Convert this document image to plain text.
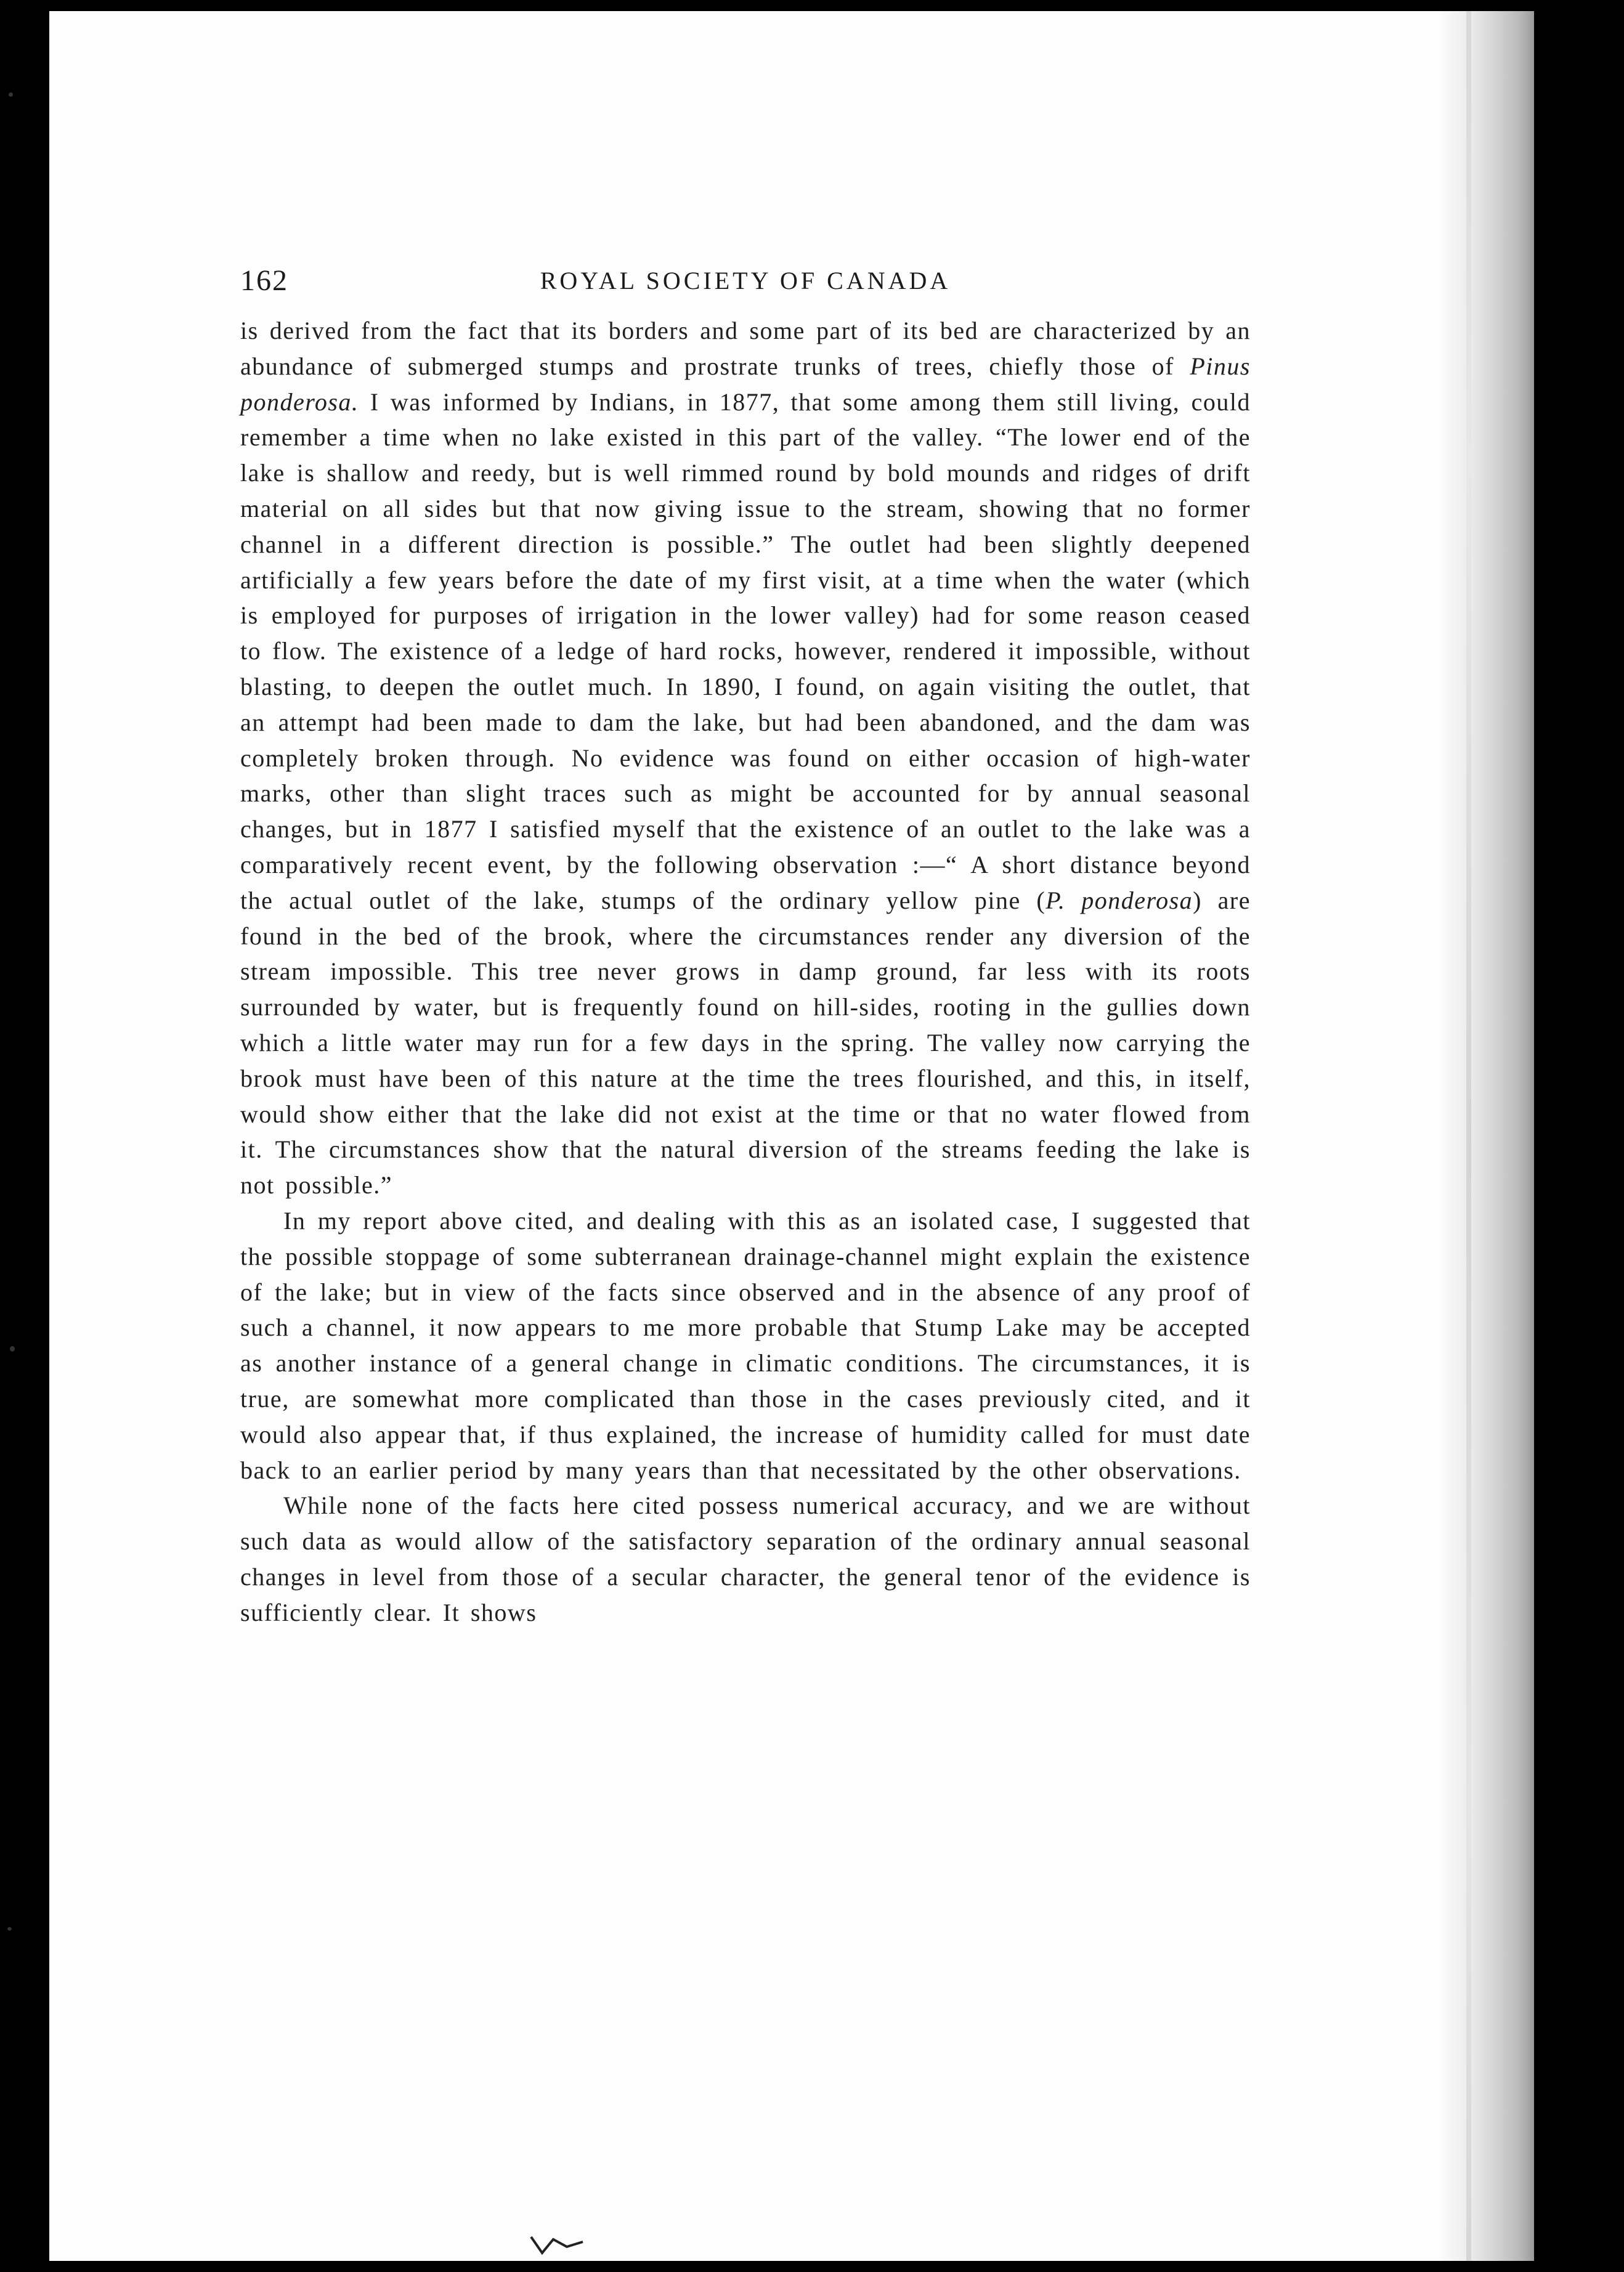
162	ROYAL SOCIETY OF CANADA

is derived from the fact that its borders and some part of its bed are characterized by an abundance of submerged stumps and prostrate trunks of trees, chiefly those of Pinus ponderosa. I was informed by Indians, in 1877, that some among them still living, could remember a time when no lake existed in this part of the valley. “The lower end of the lake is shallow and reedy, but is well rimmed round by bold mounds and ridges of drift material on all sides but that now giving issue to the stream, showing that no former channel in a different direction is possible.” The outlet had been slightly deepened artificially a few years before the date of my first visit, at a time when the water (which is employed for purposes of irrigation in the lower valley) had for some reason ceased to flow. The existence of a ledge of hard rocks, however, rendered it impossible, without blasting, to deepen the outlet much. In 1890, I found, on again visiting the outlet, that an attempt had been made to dam the lake, but had been abandoned, and the dam was completely broken through. No evidence was found on either occasion of high-water marks, other than slight traces such as might be accounted for by annual seasonal changes, but in 1877 I satisfied myself that the existence of an outlet to the lake was a comparatively recent event, by the following observation :—“ A short distance beyond the actual outlet of the lake, stumps of the ordinary yellow pine (P. ponderosa) are found in the bed of the brook, where the circumstances render any diversion of the stream impossible. This tree never grows in damp ground, far less with its roots surrounded by water, but is frequently found on hill-sides, rooting in the gullies down which a little water may run for a few days in the spring. The valley now carrying the brook must have been of this nature at the time the trees flourished, and this, in itself, would show either that the lake did not exist at the time or that no water flowed from it. The circumstances show that the natural diversion of the streams feeding the lake is not possible.”

In my report above cited, and dealing with this as an isolated case, I suggested that the possible stoppage of some subterranean drainage-channel might explain the existence of the lake; but in view of the facts since observed and in the absence of any proof of such a channel, it now appears to me more probable that Stump Lake may be accepted as another instance of a general change in climatic conditions. The circumstances, it is true, are somewhat more complicated than those in the cases previously cited, and it would also appear that, if thus explained, the increase of humidity called for must date back to an earlier period by many years than that necessitated by the other observations.

While none of the facts here cited possess numerical accuracy, and we are without such data as would allow of the satisfactory separation of the ordinary annual seasonal changes in level from those of a secular character, the general tenor of the evidence is sufficiently clear. It shows
